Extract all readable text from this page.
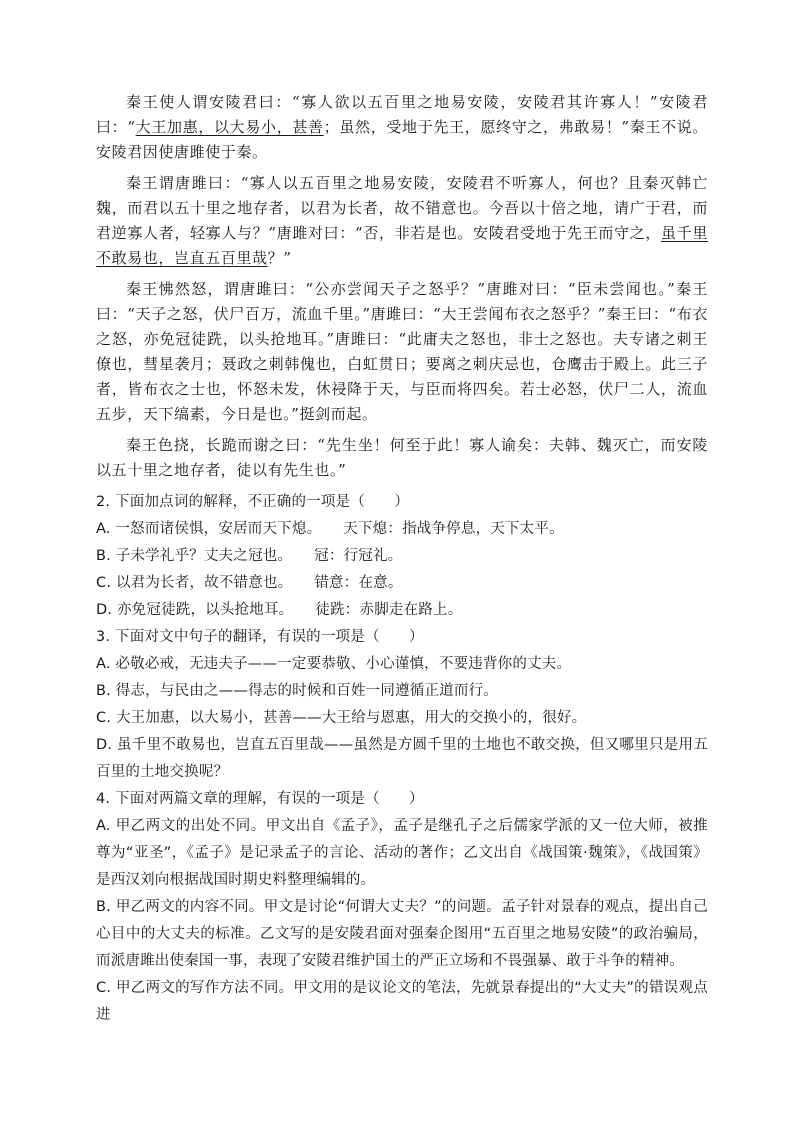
秦王使人谓安陵君曰：“寡人欲以五百里之地易安陵，安陵君其许寡人！”安陵君曰：“大王加惠，以大易小，甚善；虽然，受地于先王，愿终守之，弗敢易！”秦王不说。安陵君因使唐雎使于秦。

秦王谓唐雎曰：“寡人以五百里之地易安陵，安陵君不听寡人，何也？且秦灭韩亡魏，而君以五十里之地存者，以君为长者，故不错意也。今吾以十倍之地，请广于君，而君逆寡人者，轻寡人与？”唐雎对曰：“否，非若是也。安陵君受地于先王而守之，虽千里不敢易也，岂直五百里哉？”

秦王怫然怒，谓唐雎曰：“公亦尝闻天子之怒乎？”唐雎对曰：“臣未尝闻也。”秦王曰：“天子之怒，伏尸百万，流血千里。”唐雎曰：“大王尝闻布衣之怒乎？”秦王曰：“布衣之怒，亦免冠徒跣，以头抢地耳。”唐雎曰：“此庸夫之怒也，非士之怒也。夫专诸之刺王僚也，彗星袭月；聂政之刺韩傀也，白虹贯日；要离之刺庆忌也，仓鹰击于殿上。此三子者，皆布衣之士也，怀怒未发，休祲降于天，与臣而将四矣。若士必怒，伏尸二人，流血五步，天下缟素，今日是也。”挺剑而起。

秦王色挠，长跪而谢之曰：“先生坐！何至于此！寡人谕矣：夫韩、魏灭亡，而安陵以五十里之地存者，徒以有先生也。”

2. 下面加点词的解释，不正确的一项是（　　）

A. 一怒而诸侯惧，安居而天下熄。 天下熄：指战争停息，天下太平。

B. 子未学礼乎？丈夫之冠也。 冠：行冠礼。

C. 以君为长者，故不错意也。 错意：在意。

D. 亦免冠徒跣，以头抢地耳。 徒跣：赤脚走在路上。

3. 下面对文中句子的翻译，有误的一项是（　　）

A. 必敬必戒，无违夫子——一定要恭敬、小心谨慎，不要违背你的丈夫。

B. 得志，与民由之——得志的时候和百姓一同遵循正道而行。

C. 大王加惠，以大易小，甚善——大王给与恩惠，用大的交换小的，很好。

D. 虽千里不敢易也，岂直五百里哉——虽然是方圆千里的土地也不敢交换，但又哪里只是用五百里的土地交换呢？

4. 下面对两篇文章的理解，有误的一项是（　　）

A. 甲乙两文的出处不同。甲文出自《孟子》，孟子是继孔子之后儒家学派的又一位大师，被推尊为“亚圣”，《孟子》是记录孟子的言论、活动的著作；乙文出自《战国策·魏策》，《战国策》是西汉刘向根据战国时期史料整理编辑的。

B. 甲乙两文的内容不同。甲文是讨论“何谓大丈夫？”的问题。孟子针对景春的观点，提出自己心目中的大丈夫的标准。乙文写的是安陵君面对强秦企图用“五百里之地易安陵”的政治骗局，而派唐雎出使秦国一事，表现了安陵君维护国土的严正立场和不畏强暴、敢于斗争的精神。

C. 甲乙两文的写作方法不同。甲文用的是议论文的笔法，先就景春提出的“大丈夫”的错误观点进
